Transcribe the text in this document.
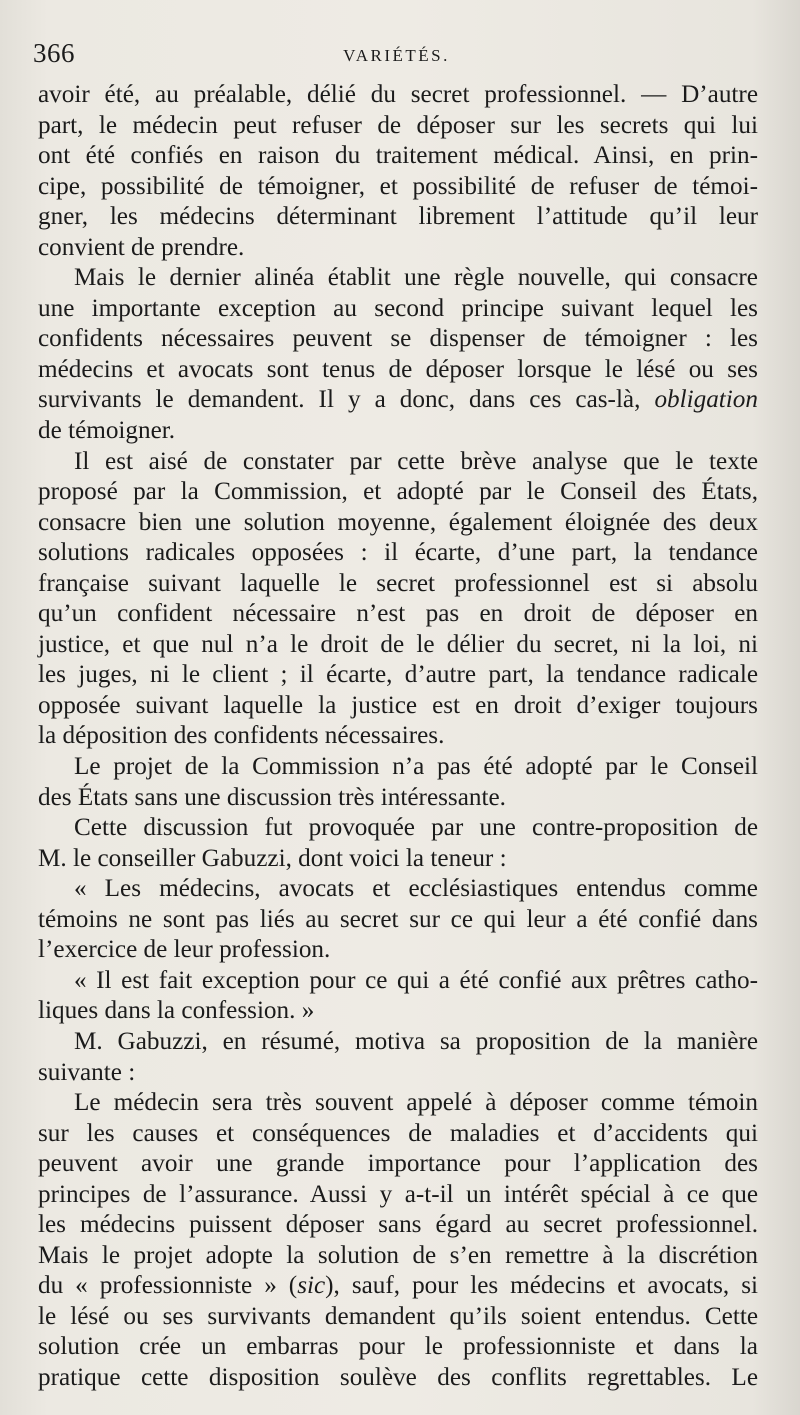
366	VARIÉTÉS.
avoir été, au préalable, délié du secret professionnel. — D’autre
part, le médecin peut refuser de déposer sur les secrets qui lui
ont été confiés en raison du traitement médical. Ainsi, en prin-
cipe, possibilité de témoigner, et possibilité de refuser de témoi-
gner, les médecins déterminant librement l’attitude qu’il leur
convient de prendre.
Mais le dernier alinéa établit une règle nouvelle, qui consacre
une importante exception au second principe suivant lequel les
confidents nécessaires peuvent se dispenser de témoigner : les
médecins et avocats sont tenus de déposer lorsque le lésé ou ses
survivants le demandent. Il y a donc, dans ces cas-là, obligation
de témoigner.
Il est aisé de constater par cette brève analyse que le texte
proposé par la Commission, et adopté par le Conseil des États,
consacre bien une solution moyenne, également éloignée des deux
solutions radicales opposées : il écarte, d’une part, la tendance
française suivant laquelle le secret professionnel est si absolu
qu’un confident nécessaire n’est pas en droit de déposer en
justice, et que nul n’a le droit de le délier du secret, ni la loi, ni
les juges, ni le client ; il écarte, d’autre part, la tendance radicale
opposée suivant laquelle la justice est en droit d’exiger toujours
la déposition des confidents nécessaires.
Le projet de la Commission n’a pas été adopté par le Conseil
des États sans une discussion très intéressante.
Cette discussion fut provoquée par une contre-proposition de
M. le conseiller Gabuzzi, dont voici la teneur :
« Les médecins, avocats et ecclésiastiques entendus comme
témoins ne sont pas liés au secret sur ce qui leur a été confié dans
l’exercice de leur profession.
« Il est fait exception pour ce qui a été confié aux prêtres catho-
liques dans la confession. »
M. Gabuzzi, en résumé, motiva sa proposition de la manière
suivante :
Le médecin sera très souvent appelé à déposer comme témoin
sur les causes et conséquences de maladies et d’accidents qui
peuvent avoir une grande importance pour l’application des
principes de l’assurance. Aussi y a-t-il un intérêt spécial à ce que
les médecins puissent déposer sans égard au secret professionnel.
Mais le projet adopte la solution de s’en remettre à la discrétion
du « professionniste » (sic), sauf, pour les médecins et avocats, si
le lésé ou ses survivants demandent qu’ils soient entendus. Cette
solution crée un embarras pour le professionniste et dans la
pratique cette disposition soulève des conflits regrettables. Le
